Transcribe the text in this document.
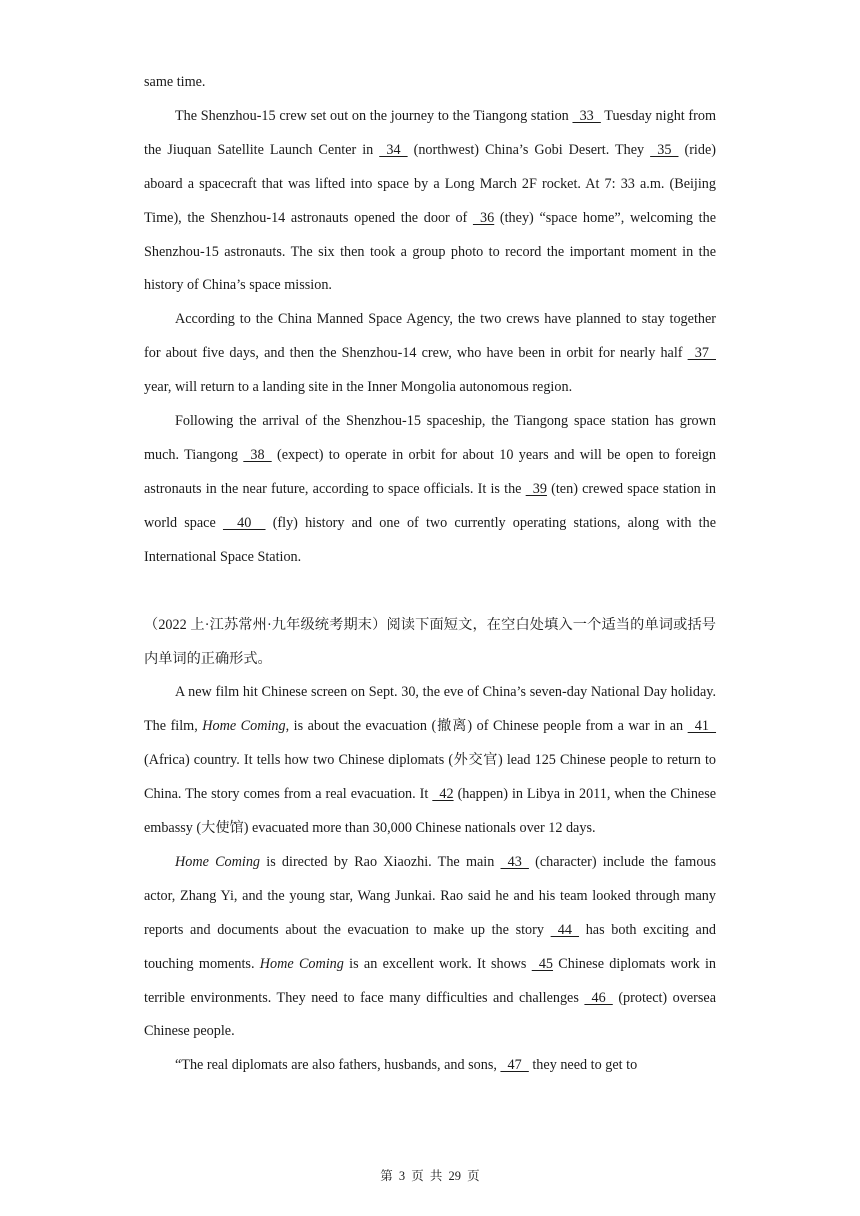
same time.

The Shenzhou-15 crew set out on the journey to the Tiangong station   33   Tuesday night from the Jiuquan Satellite Launch Center in   34   (northwest) China’s Gobi Desert. They   35   (ride) aboard a spacecraft that was lifted into space by a Long March 2F rocket. At 7: 33 a.m. (Beijing Time), the Shenzhou-14 astronauts opened the door of   36 (they) “space home”, welcoming the Shenzhou-15 astronauts. The six then took a group photo to record the important moment in the history of China’s space mission.

According to the China Manned Space Agency, the two crews have planned to stay together for about five days, and then the Shenzhou-14 crew, who have been in orbit for nearly half   37   year, will return to a landing site in the Inner Mongolia autonomous region.

Following the arrival of the Shenzhou-15 spaceship, the Tiangong space station has grown much. Tiangong   38   (expect) to operate in orbit for about 10 years and will be open to foreign astronauts in the near future, according to space officials. It is the   39 (ten) crewed space station in world space     40     (fly) history and one of two currently operating stations, along with the International Space Station.

（2022 上·江苏常州·九年级统考期末）阅读下面短文，在空白处填入一个适当的单词或括号内单词的正确形式。

A new film hit Chinese screen on Sept. 30, the eve of China’s seven-day National Day holiday. The film, Home Coming, is about the evacuation (撤离) of Chinese people from a war in an   41   (Africa) country. It tells how two Chinese diplomats (外交官) lead 125 Chinese people to return to China. The story comes from a real evacuation. It   42 (happen) in Libya in 2011, when the Chinese embassy (大使馆) evacuated more than 30,000 Chinese nationals over 12 days.

Home Coming is directed by Rao Xiaozhi. The main   43   (character) include the famous actor, Zhang Yi, and the young star, Wang Junkai. Rao said he and his team looked through many reports and documents about the evacuation to make up the story   44   has both exciting and touching moments. Home Coming is an excellent work. It shows   45 Chinese diplomats work in terrible environments. They need to face many difficulties and challenges   46   (protect) oversea Chinese people.

“The real diplomats are also fathers, husbands, and sons,   47   they need to get to

第 3 页 共 29 页
